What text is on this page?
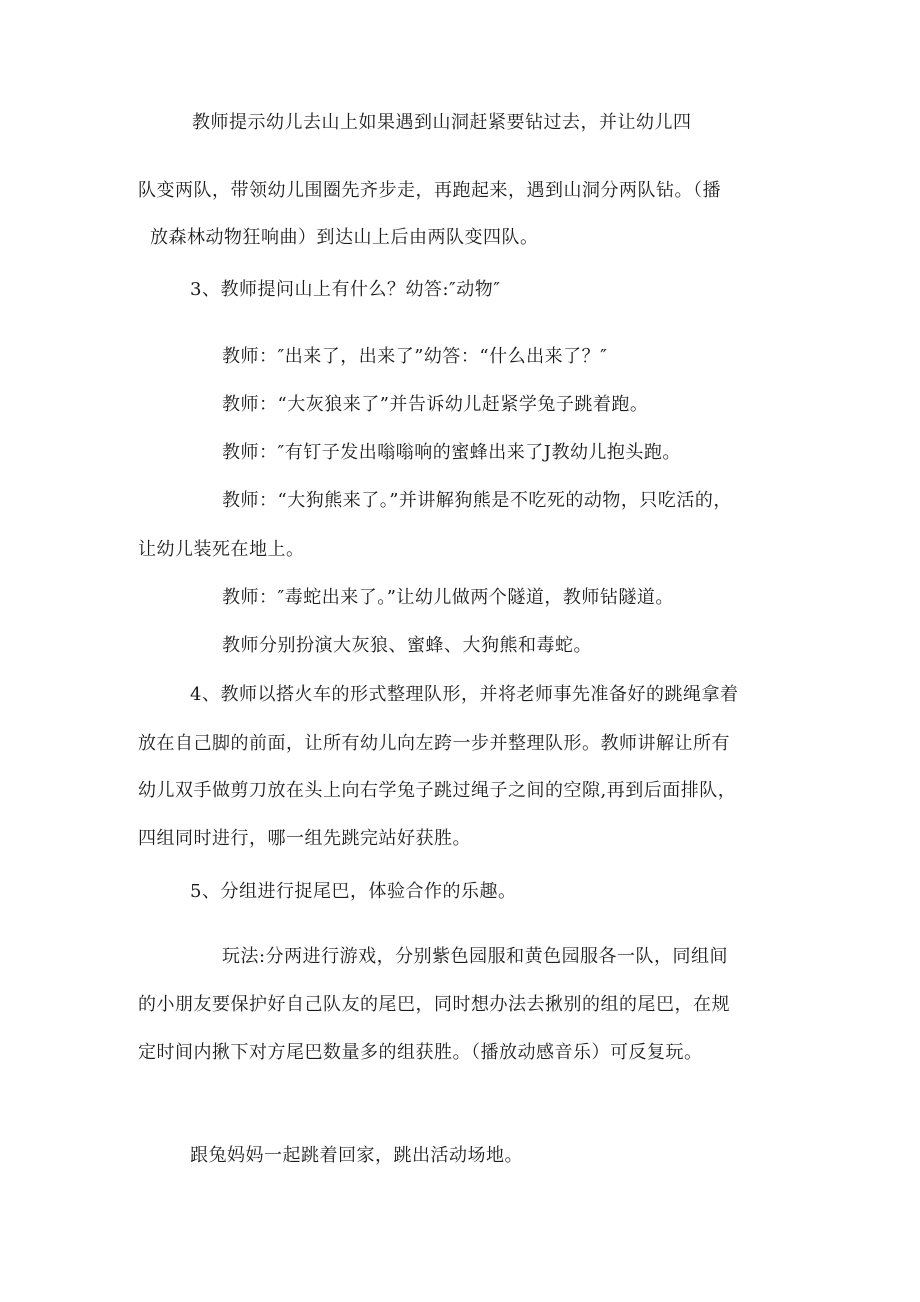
教师提示幼儿去山上如果遇到山洞赶紧要钻过去，并让幼儿四
队变两队，带领幼儿围圈先齐步走，再跑起来，遇到山洞分两队钻。（播
放森林动物狂响曲）到达山上后由两队变四队。
3、教师提问山上有什么？幼答:″动物″
教师：″出来了，出来了”幼答：“什么出来了？″
教师：“大灰狼来了”并告诉幼儿赶紧学兔子跳着跑。
教师：″有钉子发出嗡嗡响的蜜蜂出来了J教幼儿抱头跑。
教师：“大狗熊来了。”并讲解狗熊是不吃死的动物，只吃活的，
让幼儿装死在地上。
教师：″毒蛇出来了。”让幼儿做两个隧道，教师钻隧道。
教师分别扮演大灰狼、蜜蜂、大狗熊和毒蛇。
4、教师以搭火车的形式整理队形，并将老师事先准备好的跳绳拿着
放在自己脚的前面，让所有幼儿向左跨一步并整理队形。教师讲解让所有
幼儿双手做剪刀放在头上向右学兔子跳过绳子之间的空隙,再到后面排队，
四组同时进行，哪一组先跳完站好获胜。
5、分组进行捉尾巴，体验合作的乐趣。
玩法:分两进行游戏，分别紫色园服和黄色园服各一队，同组间
的小朋友要保护好自己队友的尾巴，同时想办法去揪别的组的尾巴，在规
定时间内揪下对方尾巴数量多的组获胜。（播放动感音乐）可反复玩。
跟兔妈妈一起跳着回家，跳出活动场地。
